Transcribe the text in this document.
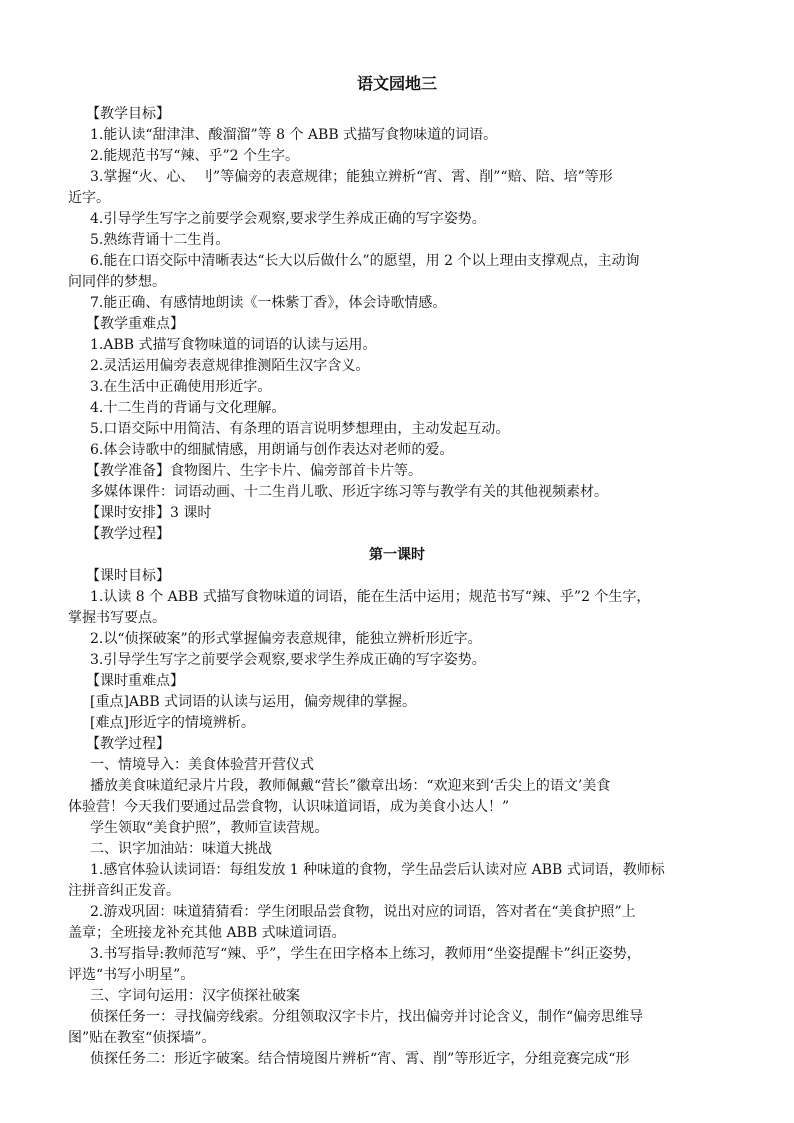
语文园地三
【教学目标】
1.能认读“甜津津、酸溜溜”等 8 个 ABB 式描写食物味道的词语。
2.能规范书写“辣、乎”2 个生字。
3.掌握“火、心、 刂”等偏旁的表意规律；能独立辨析“宵、霄、削”“赔、陪、培”等形
近字。
4.引导学生写字之前要学会观察,要求学生养成正确的写字姿势。
5.熟练背诵十二生肖。
6.能在口语交际中清晰表达“长大以后做什么”的愿望，用 2 个以上理由支撑观点，主动询
问同伴的梦想。
7.能正确、有感情地朗读《一株紫丁香》，体会诗歌情感。
【教学重难点】
1.ABB 式描写食物味道的词语的认读与运用。
2.灵活运用偏旁表意规律推测陌生汉字含义。
3.在生活中正确使用形近字。
4.十二生肖的背诵与文化理解。
5.口语交际中用简洁、有条理的语言说明梦想理由，主动发起互动。
6.体会诗歌中的细腻情感，用朗诵与创作表达对老师的爱。
【教学准备】食物图片、生字卡片、偏旁部首卡片等。
多媒体课件：词语动画、十二生肖儿歌、形近字练习等与教学有关的其他视频素材。
【课时安排】3 课时
【教学过程】
第一课时
【课时目标】
1.认读 8 个 ABB 式描写食物味道的词语，能在生活中运用；规范书写“辣、乎”2 个生字，
掌握书写要点。
2.以“侦探破案”的形式掌握偏旁表意规律，能独立辨析形近字。
3.引导学生写字之前要学会观察,要求学生养成正确的写字姿势。
【课时重难点】
[重点]ABB 式词语的认读与运用，偏旁规律的掌握。
[难点]形近字的情境辨析。
【教学过程】
一、情境导入：美食体验营开营仪式
播放美食味道纪录片片段，教师佩戴“营长”徽章出场：“欢迎来到‘舌尖上的语文’美食
体验营！今天我们要通过品尝食物，认识味道词语，成为美食小达人！”
学生领取“美食护照”，教师宣读营规。
二、识字加油站：味道大挑战
1.感官体验认读词语：每组发放 1 种味道的食物，学生品尝后认读对应 ABB 式词语，教师标
注拼音纠正发音。
2.游戏巩固：味道猜猜看：学生闭眼品尝食物，说出对应的词语，答对者在“美食护照”上
盖章；全班接龙补充其他 ABB 式味道词语。
3.书写指导:教师范写“辣、乎”，学生在田字格本上练习，教师用“坐姿提醒卡”纠正姿势，
评选“书写小明星”。
三、字词句运用：汉字侦探社破案
侦探任务一：寻找偏旁线索。分组领取汉字卡片，找出偏旁并讨论含义，制作“偏旁思维导
图”贴在教室“侦探墙”。
侦探任务二：形近字破案。结合情境图片辨析“宵、霄、削”等形近字，分组竞赛完成“形
